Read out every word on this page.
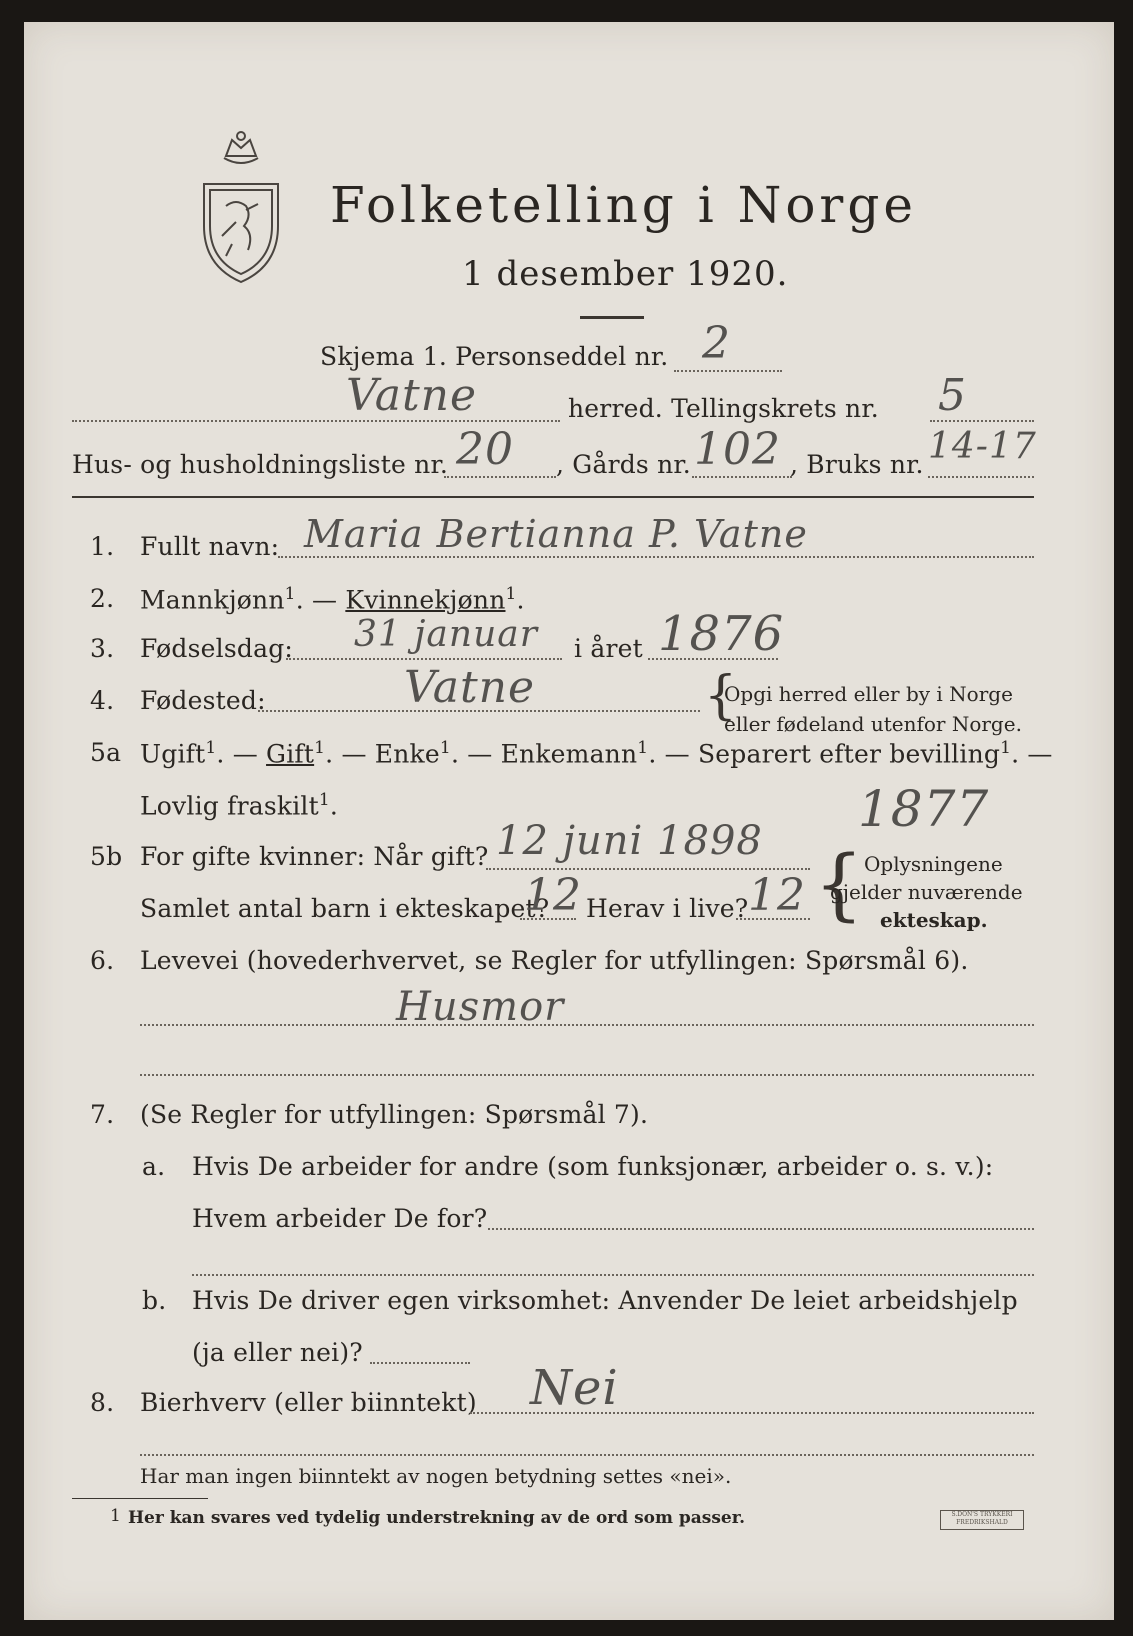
Folketelling i Norge
1 desember 1920.
Skjema 1. Personseddel nr. 2
Vatne	herred. Tellingskrets nr. 5
Hus- og husholdningsliste nr. 20 , Gårds nr. 102 , Bruks nr. 14-17
1. Fullt navn: Maria Bertianna P. Vatne
2. Mannkjønn$^1$. — Kvinnekjønn$^1$.
3. Fødselsdag: 31 januar i året 1876
4. Fødested:	Vatne	{
Opgi herred eller by i Norge
eller fødeland utenfor Norge.
5a Ugift$^1$. — Gift$^1$. — Enke$^1$. — Enkemann$^1$. — Separert efter bevilling$^1$. —
Lovlig fraskilt$^1$.	1877
5b For gifte kvinner: Når gift? 12 juni 1898
Samlet antal barn i ekteskapet?
12 Herav i live? 12 { Oplysningene
gjelder nuværende
ekteskap.
6. Levevei (hovederhvervet, se Regler for utfyllingen: Spørsmål 6).
Husmor
7. (Se Regler for utfyllingen: Spørsmål 7).
a. Hvis De arbeider for andre (som funksjonær, arbeider o. s. v.):
Hvem arbeider De for?
b. Hvis De driver egen virksomhet: Anvender De leiet arbeidshjelp
(ja eller nei)?
8. Bierhverv (eller biinntekt) Nei
Har man ingen biinntekt av nogen betydning settes «nei».
1 Her kan svares ved tydelig understrekning av de ord som passer.	S.DON'S TRYKKERI
FREDRIKSHALD
